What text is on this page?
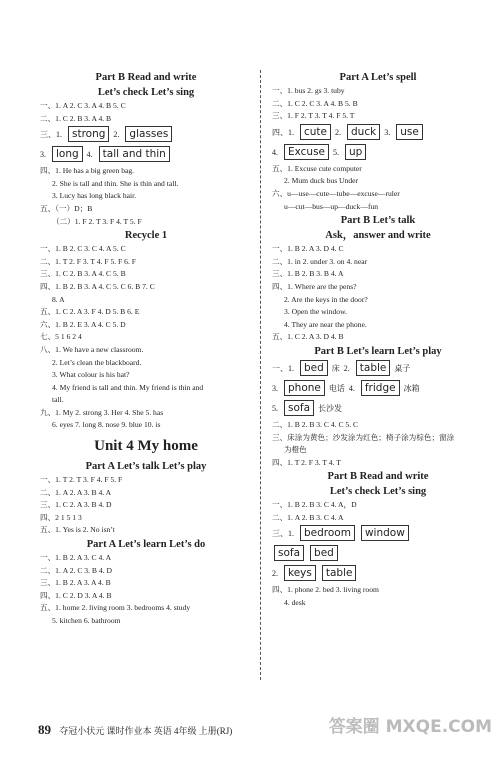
Part B Read and write
Let’s check Let’s sing
一、1. A 2. C 3. A 4. B 5. C
二、1. C 2. B 3. A 4. B
三、1. strong 2. glasses
3. long 4. tall and thin
四、1. He has a big green bag.
2. She is tall and thin. She is thin and tall.
3. Lucy has long black hair.
五、（一）D；B
（二）1. F 2. T 3. F 4. T 5. F
Recycle 1
一、1. B 2. C 3. C 4. A 5. C
二、1. T 2. F 3. T 4. F 5. F 6. F
三、1. C 2. B 3. A 4. C 5. B
四、1. B 2. B 3. A 4. C 5. C 6. B 7. C
8. A
五、1. C 2. A 3. F 4. D 5. B 6. E
六、1. B 2. E 3. A 4. C 5. D
七、5 1 6 2 4
八、1. We have a new classroom.
2. Let’s clean the blackboard.
3. What colour is his hat?
4. My friend is tall and thin. My friend is thin and
tall.
九、1. My 2. strong 3. Her 4. She 5. has
6. eyes 7. long 8. nose 9. blue 10. is
Unit 4 My home
Part A Let’s talk Let’s play
一、1. T 2. T 3. F 4. F 5. F
二、1. A 2. A 3. B 4. A
三、1. C 2. A 3. B 4. D
四、2 1 5 1 3
五、1. Yes is 2. No isn’t
Part A Let’s learn Let’s do
一、1. B 2. A 3. C 4. A
二、1. A 2. C 3. B 4. D
三、1. B 2. A 3. A 4. B
四、1. C 2. D 3. A 4. B
五、1. home 2. living room 3. bedrooms 4. study
5. kitchen 6. bathroom
Part A Let’s spell
一、1. bus 2. gs 3. tuby
二、1. C 2. C 3. A 4. B 5. B
三、1. F 2. T 3. T 4. F 5. T
四、1. cute 2. duck 3. use
4. Excuse 5. up
五、1. Excuse cute computer
2. Mum duck bus Under
六、u—use—cute—tube—excuse—ruler
u—cut—bus—up—duck—fun
Part B Let’s talk
Ask，answer and write
一、1. B 2. A 3. D 4. C
二、1. in 2. under 3. on 4. near
三、1. B 2. B 3. B 4. A
四、1. Where are the pens?
2. Are the keys in the door?
3. Open the window.
4. They are near the phone.
五、1. C 2. A 3. D 4. B
Part B Let’s learn Let’s play
一、1. bed 床 2. table 桌子
3. phone 电话 4. fridge 冰箱
5. sofa 长沙发
二、1. B 2. B 3. C 4. C 5. C
三、床涂为黄色；沙发涂为红色；椅子涂为棕色；窗涂
为橙色
四、1. T 2. F 3. T 4. T
Part B Read and write
Let’s check Let’s sing
一、1. B 2. B 3. C 4. A，D
二、1. A 2. B 3. C 4. A
三、1. bedroom window
sofa bed
2. keys table
四、1. phone 2. bed 3. living room
4. desk
89 夺冠小状元 课时作业本 英语 4年级 上册(RJ)	答案圈 MXQE.COM
